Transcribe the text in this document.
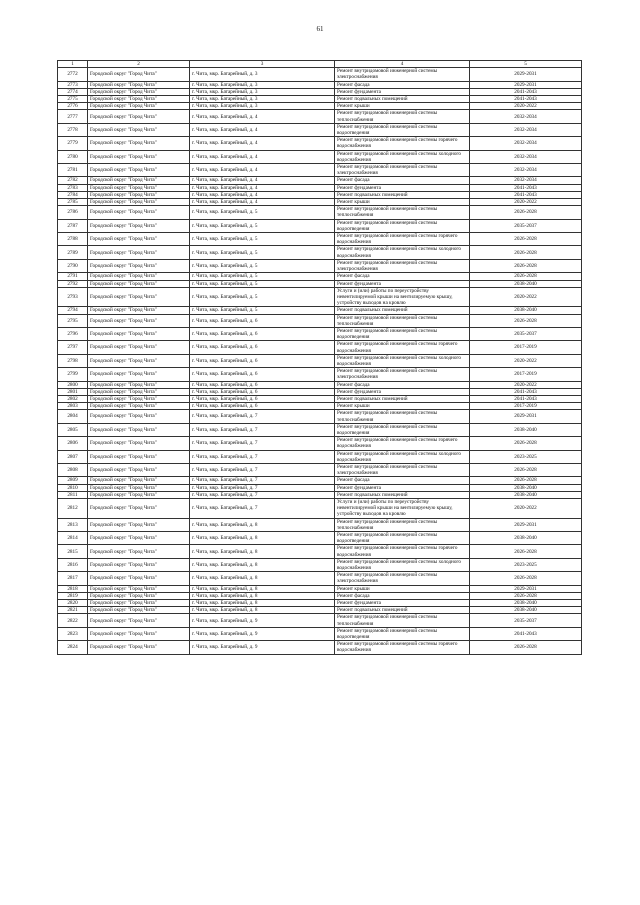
61
1	2	3	4	5
2772	Городской округ "Город Чита"	г. Чита, мкр. Батарейный, д. 3	Ремонт внутридомовой инженерной системы электроснабжения	2029-2031
2773	Городской округ "Город Чита"	г. Чита, мкр. Батарейный, д. 3	Ремонт фасада	2029-2031
2774	Городской округ "Город Чита"	г. Чита, мкр. Батарейный, д. 3	Ремонт фундамента	2041-2043
2775	Городской округ "Город Чита"	г. Чита, мкр. Батарейный, д. 3	Ремонт подвальных помещений	2041-2043
2776	Городской округ "Город Чита"	г. Чита, мкр. Батарейный, д. 3	Ремонт крыши	2020-2022
2777	Городской округ "Город Чита"	г. Чита, мкр. Батарейный, д. 4	Ремонт внутридомовой инженерной системы теплоснабжения	2032-2034
2778	Городской округ "Город Чита"	г. Чита, мкр. Батарейный, д. 4	Ремонт внутридомовой инженерной системы водоотведения	2032-2034
2779	Городской округ "Город Чита"	г. Чита, мкр. Батарейный, д. 4	Ремонт внутридомовой инженерной системы горячего водоснабжения	2032-2034
2780	Городской округ "Город Чита"	г. Чита, мкр. Батарейный, д. 4	Ремонт внутридомовой инженерной системы холодного водоснабжения	2032-2034
2781	Городской округ "Город Чита"	г. Чита, мкр. Батарейный, д. 4	Ремонт внутридомовой инженерной системы электроснабжения	2032-2034
2782	Городской округ "Город Чита"	г. Чита, мкр. Батарейный, д. 4	Ремонт фасада	2032-2034
2783	Городской округ "Город Чита"	г. Чита, мкр. Батарейный, д. 4	Ремонт фундамента	2041-2043
2784	Городской округ "Город Чита"	г. Чита, мкр. Батарейный, д. 4	Ремонт подвальных помещений	2041-2043
2785	Городской округ "Город Чита"	г. Чита, мкр. Батарейный, д. 4	Ремонт крыши	2020-2022
2786	Городской округ "Город Чита"	г. Чита, мкр. Батарейный, д. 5	Ремонт внутридомовой инженерной системы теплоснабжения	2026-2028
2787	Городской округ "Город Чита"	г. Чита, мкр. Батарейный, д. 5	Ремонт внутридомовой инженерной системы водоотведения	2035-2037
2788	Городской округ "Город Чита"	г. Чита, мкр. Батарейный, д. 5	Ремонт внутридомовой инженерной системы горячего водоснабжения	2026-2028
2789	Городской округ "Город Чита"	г. Чита, мкр. Батарейный, д. 5	Ремонт внутридомовой инженерной системы холодного водоснабжения	2026-2028
2790	Городской округ "Город Чита"	г. Чита, мкр. Батарейный, д. 5	Ремонт внутридомовой инженерной системы электроснабжения	2026-2028
2791	Городской округ "Город Чита"	г. Чита, мкр. Батарейный, д. 5	Ремонт фасада	2026-2028
2792	Городской округ "Город Чита"	г. Чита, мкр. Батарейный, д. 5	Ремонт фундамента	2038-2040
2793	Городской округ "Город Чита"	г. Чита, мкр. Батарейный, д. 5	Услуги и (или) работы по переустройству невентилируемой крыши на вентилируемую крышу, устройству выходов на кровлю	2020-2022
2794	Городской округ "Город Чита"	г. Чита, мкр. Батарейный, д. 5	Ремонт подвальных помещений	2038-2040
2795	Городской округ "Город Чита"	г. Чита, мкр. Батарейный, д. 6	Ремонт внутридомовой инженерной системы теплоснабжения	2026-2028
2796	Городской округ "Город Чита"	г. Чита, мкр. Батарейный, д. 6	Ремонт внутридомовой инженерной системы водоотведения	2035-2037
2797	Городской округ "Город Чита"	г. Чита, мкр. Батарейный, д. 6	Ремонт внутридомовой инженерной системы горячего водоснабжения	2017-2019
2798	Городской округ "Город Чита"	г. Чита, мкр. Батарейный, д. 6	Ремонт внутридомовой инженерной системы холодного водоснабжения	2020-2022
2799	Городской округ "Город Чита"	г. Чита, мкр. Батарейный, д. 6	Ремонт внутридомовой инженерной системы электроснабжения	2017-2019
2800	Городской округ "Город Чита"	г. Чита, мкр. Батарейный, д. 6	Ремонт фасада	2020-2022
2801	Городской округ "Город Чита"	г. Чита, мкр. Батарейный, д. 6	Ремонт фундамента	2041-2043
2802	Городской округ "Город Чита"	г. Чита, мкр. Батарейный, д. 6	Ремонт подвальных помещений	2041-2043
2803	Городской округ "Город Чита"	г. Чита, мкр. Батарейный, д. 6	Ремонт крыши	2017-2019
2804	Городской округ "Город Чита"	г. Чита, мкр. Батарейный, д. 7	Ремонт внутридомовой инженерной системы теплоснабжения	2029-2031
2805	Городской округ "Город Чита"	г. Чита, мкр. Батарейный, д. 7	Ремонт внутридомовой инженерной системы водоотведения	2038-2040
2806	Городской округ "Город Чита"	г. Чита, мкр. Батарейный, д. 7	Ремонт внутридомовой инженерной системы горячего водоснабжения	2026-2028
2807	Городской округ "Город Чита"	г. Чита, мкр. Батарейный, д. 7	Ремонт внутридомовой инженерной системы холодного водоснабжения	2023-2025
2808	Городской округ "Город Чита"	г. Чита, мкр. Батарейный, д. 7	Ремонт внутридомовой инженерной системы электроснабжения	2026-2028
2809	Городской округ "Город Чита"	г. Чита, мкр. Батарейный, д. 7	Ремонт фасада	2026-2028
2810	Городской округ "Город Чита"	г. Чита, мкр. Батарейный, д. 7	Ремонт фундамента	2038-2040
2811	Городской округ "Город Чита"	г. Чита, мкр. Батарейный, д. 7	Ремонт подвальных помещений	2038-2040
2812	Городской округ "Город Чита"	г. Чита, мкр. Батарейный, д. 7	Услуги и (или) работы по переустройству невентилируемой крыши на вентилируемую крышу, устройству выходов на кровлю	2020-2022
2813	Городской округ "Город Чита"	г. Чита, мкр. Батарейный, д. 8	Ремонт внутридомовой инженерной системы теплоснабжения	2029-2031
2814	Городской округ "Город Чита"	г. Чита, мкр. Батарейный, д. 8	Ремонт внутридомовой инженерной системы водоотведения	2038-2040
2815	Городской округ "Город Чита"	г. Чита, мкр. Батарейный, д. 8	Ремонт внутридомовой инженерной системы горячего водоснабжения	2026-2028
2816	Городской округ "Город Чита"	г. Чита, мкр. Батарейный, д. 8	Ремонт внутридомовой инженерной системы холодного водоснабжения	2023-2025
2817	Городской округ "Город Чита"	г. Чита, мкр. Батарейный, д. 8	Ремонт внутридомовой инженерной системы электроснабжения	2026-2028
2818	Городской округ "Город Чита"	г. Чита, мкр. Батарейный, д. 8	Ремонт крыши	2029-2031
2819	Городской округ "Город Чита"	г. Чита, мкр. Батарейный, д. 8	Ремонт фасада	2026-2028
2820	Городской округ "Город Чита"	г. Чита, мкр. Батарейный, д. 8	Ремонт фундамента	2038-2040
2821	Городской округ "Город Чита"	г. Чита, мкр. Батарейный, д. 8	Ремонт подвальных помещений	2038-2040
2822	Городской округ "Город Чита"	г. Чита, мкр. Батарейный, д. 9	Ремонт внутридомовой инженерной системы теплоснабжения	2035-2037
2823	Городской округ "Город Чита"	г. Чита, мкр. Батарейный, д. 9	Ремонт внутридомовой инженерной системы водоотведения	2041-2043
2824	Городской округ "Город Чита"	г. Чита, мкр. Батарейный, д. 9	Ремонт внутридомовой инженерной системы горячего водоснабжения	2026-2028
